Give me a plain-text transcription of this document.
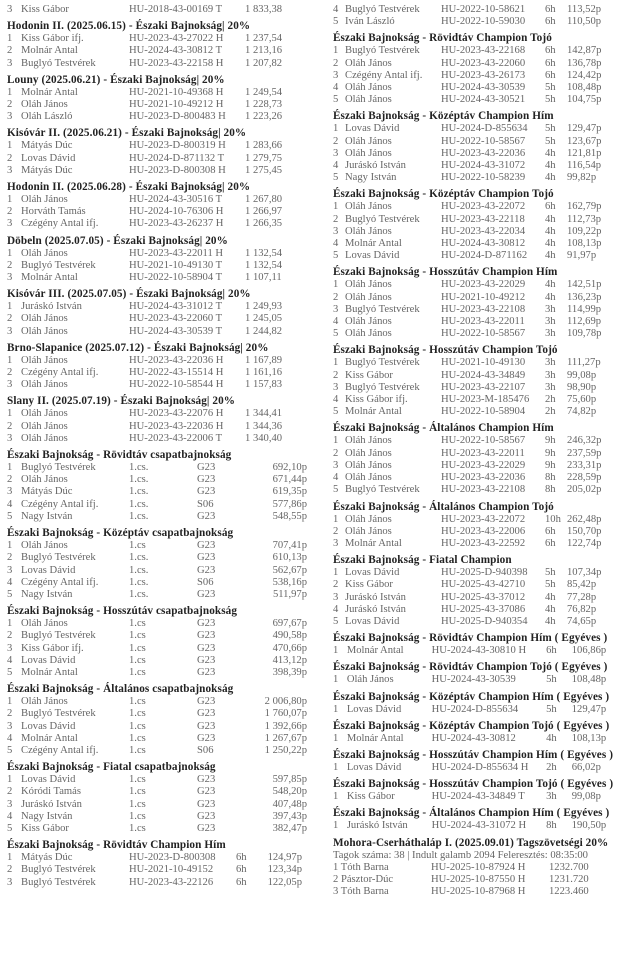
3 Kiss Gábor	HU-2018-43-00169 T	1 833,38
Hodonin II. (2025.06.15) - Északi Bajnokság| 20%
1 Kiss Gábor ifj.	HU-2023-43-27022 H	1 237,54
2 Molnár Antal	HU-2024-43-30812 T	1 213,16
3 Buglyó Testvérek	HU-2023-43-22158 H	1 207,82
Louny (2025.06.21) - Északi Bajnokság| 20%
1 Molnár Antal	HU-2021-10-49368 H	1 249,54
2 Oláh János	HU-2021-10-49212 H	1 228,73
3 Oláh László	HU-2023-D-800483 H	1 223,26
Kisóvár II. (2025.06.21) - Északi Bajnokság| 20%
1 Mátyás Dúc	HU-2023-D-800319 H	1 283,66
2 Lovas Dávid	HU-2024-D-871132 T	1 279,75
3 Mátyás Dúc	HU-2023-D-800308 H	1 275,45
Hodonin II. (2025.06.28) - Északi Bajnokság| 20%
1 Oláh János	HU-2024-43-30516 T	1 267,80
2 Horváth Tamás	HU-2024-10-76306 H	1 266,97
3 Czégény Antal ifj.	HU-2023-43-26237 H	1 266,35
Döbeln (2025.07.05) - Északi Bajnokság| 20%
1 Oláh János	HU-2023-43-22011 H	1 132,54
2 Buglyó Testvérek	HU-2021-10-49130 T	1 132,54
3 Molnár Antal	HU-2022-10-58904 T	1 107,11
Kisóvár III. (2025.07.05) - Északi Bajnokság| 20%
1 Juráskó István	HU-2024-43-31012 T	1 249,93
2 Oláh János	HU-2023-43-22060 T	1 245,05
3 Oláh János	HU-2024-43-30539 T	1 244,82
Brno-Slapanice (2025.07.12) - Északi Bajnokság| 20%
1 Oláh János	HU-2023-43-22036 H	1 167,89
2 Czégény Antal ifj.	HU-2022-43-15514 H	1 161,16
3 Oláh János	HU-2022-10-58544 H	1 157,83
Slany II. (2025.07.19) - Északi Bajnokság| 20%
1 Oláh János	HU-2023-43-22076 H	1 344,41
2 Oláh János	HU-2023-43-22036 H	1 344,36
3 Oláh János	HU-2023-43-22006 T	1 340,40
Északi Bajnokság - Rövidtáv csapatbajnokság
1 Buglyó Testvérek	1.cs.	G23	692,10p
2 Oláh János	1.cs.	G23	671,44p
3 Mátyás Dúc	1.cs.	G23	619,35p
4 Czégény Antal ifj.	1.cs.	S06	577,86p
5 Nagy István	1.cs.	G23	548,55p
Északi Bajnokság - Középtáv csapatbajnokság
1 Oláh János	1.cs	G23	707,41p
2 Buglyó Testvérek	1.cs.	G23	610,13p
3 Lovas Dávid	1.cs.	G23	562,67p
4 Czégény Antal ifj.	1.cs.	S06	538,16p
5 Nagy István	1.cs.	G23	511,97p
Északi Bajnokság - Hosszútáv csapatbajnokság
1 Oláh János	1.cs	G23	697,67p
2 Buglyó Testvérek	1.cs	G23	490,58p
3 Kiss Gábor ifj.	1.cs	G23	470,66p
4 Lovas Dávid	1.cs	G23	413,12p
5 Molnár Antal	1.cs	G23	398,39p
Északi Bajnokság - Általános csapatbajnokság
1 Oláh János	1.cs	G23	2 006,80p
2 Buglyó Testvérek	1.cs	G23	1 760,07p
3 Lovas Dávid	1.cs	G23	1 392,66p
4 Molnár Antal	1.cs	G23	1 267,67p
5 Czégény Antal ifj.	1.cs	S06	1 250,22p
Északi Bajnokság - Fiatal csapatbajnokság
1 Lovas Dávid	1.cs	G23	597,85p
2 Kóródi Tamás	1.cs	G23	548,20p
3 Juráskó István	1.cs	G23	407,48p
4 Nagy István	1.cs	G23	397,43p
5 Kiss Gábor	1.cs	G23	382,47p
Északi Bajnokság - Rövidtáv Champion Hím
1 Mátyás Dúc	HU-2023-D-800308	6h	124,97p
2 Buglyó Testvérek	HU-2021-10-49152	6h	123,34p
3 Buglyó Testvérek	HU-2023-43-22126	6h	122,05p
4 Buglyó Testvérek	HU-2022-10-58621	6h	113,52p
5 Iván László	HU-2022-10-59030	6h	110,50p
Északi Bajnokság - Rövidtáv Champion Tojó
1 Buglyó Testvérek	HU-2023-43-22168	6h	142,87p
2 Oláh János	HU-2023-43-22060	6h	136,78p
3 Czégény Antal ifj.	HU-2023-43-26173	6h	124,42p
4 Oláh János	HU-2024-43-30539	5h	108,48p
5 Oláh János	HU-2024-43-30521	5h	104,75p
Északi Bajnokság - Középtáv Champion Hím
1 Lovas Dávid	HU-2024-D-855634	5h	129,47p
2 Oláh János	HU-2022-10-58567	5h	123,67p
3 Oláh János	HU-2023-43-22036	4h	121,81p
4 Juráskó István	HU-2024-43-31072	4h	116,54p
5 Nagy István	HU-2022-10-58239	4h	99,82p
Északi Bajnokság - Középtáv Champion Tojó
1 Oláh János	HU-2023-43-22072	6h	162,79p
2 Buglyó Testvérek	HU-2023-43-22118	4h	112,73p
3 Oláh János	HU-2023-43-22034	4h	109,22p
4 Molnár Antal	HU-2024-43-30812	4h	108,13p
5 Lovas Dávid	HU-2024-D-871162	4h	91,97p
Északi Bajnokság - Hosszútáv Champion Hím
1 Oláh János	HU-2023-43-22029	4h	142,51p
2 Oláh János	HU-2021-10-49212	4h	136,23p
3 Buglyó Testvérek	HU-2023-43-22108	3h	114,99p
4 Oláh János	HU-2023-43-22011	3h	112,69p
5 Oláh János	HU-2022-10-58567	3h	109,78p
Északi Bajnokság - Hosszútáv Champion Tojó
1 Buglyó Testvérek	HU-2021-10-49130	3h	111,27p
2 Kiss Gábor	HU-2024-43-34849	3h	99,08p
3 Buglyó Testvérek	HU-2023-43-22107	3h	98,90p
4 Kiss Gábor ifj.	HU-2023-M-185476	2h	75,60p
5 Molnár Antal	HU-2022-10-58904	2h	74,82p
Északi Bajnokság - Általános Champion Hím
1 Oláh János	HU-2022-10-58567	9h	246,32p
2 Oláh János	HU-2023-43-22011	9h	237,59p
3 Oláh János	HU-2023-43-22029	9h	233,31p
4 Oláh János	HU-2023-43-22036	8h	228,59p
5 Buglyó Testvérek	HU-2023-43-22108	8h	205,02p
Északi Bajnokság - Általános Champion Tojó
1 Oláh János	HU-2023-43-22072	10h 262,48p
2 Oláh János	HU-2023-43-22006	6h	150,70p
3 Molnár Antal	HU-2023-43-22592	6h	122,74p
Északi Bajnokság - Fiatal Champion
1 Lovas Dávid	HU-2025-D-940398	5h	107,34p
2 Kiss Gábor	HU-2025-43-42710	5h	85,42p
3 Juráskó István	HU-2025-43-37012	4h	77,28p
4 Juráskó István	HU-2025-43-37086	4h	76,82p
5 Lovas Dávid	HU-2025-D-940354	4h	74,65p
Északi Bajnokság - Rövidtáv Champion Hím ( Egyéves )
1 Molnár Antal	HU-2024-43-30810 H	6h	106,86p
Északi Bajnokság - Rövidtáv Champion Tojó ( Egyéves )
1 Oláh János	HU-2024-43-30539	5h	108,48p
Északi Bajnokság - Középtáv Champion Hím ( Egyéves )
1 Lovas Dávid	HU-2024-D-855634	5h	129,47p
Északi Bajnokság - Középtáv Champion Tojó ( Egyéves )
1 Molnár Antal	HU-2024-43-30812	4h	108,13p
Északi Bajnokság - Hosszútáv Champion Hím ( Egyéves )
1 Lovas Dávid	HU-2024-D-855634 H	2h	66,02p
Északi Bajnokság - Hosszútáv Champion Tojó ( Egyéves )
1 Kiss Gábor	HU-2024-43-34849 T	3h	99,08p
Északi Bajnokság - Általános Champion Hím ( Egyéves )
1 Juráskó István	HU-2024-43-31072 H	8h	190,50p
Mohora-Cserháthaláp I. (2025.09.01) Tagszövetségi 20%
Tagok száma: 38 | Indult galamb 2094 Feleresztés: 08:35:00
1 Tóth Barna	HU-2025-10-87924 H	1232.700
2 Pásztor-Dúc	HU-2025-10-87550 H	1231.720
3 Tóth Barna	HU-2025-10-87968 H	1223.460
